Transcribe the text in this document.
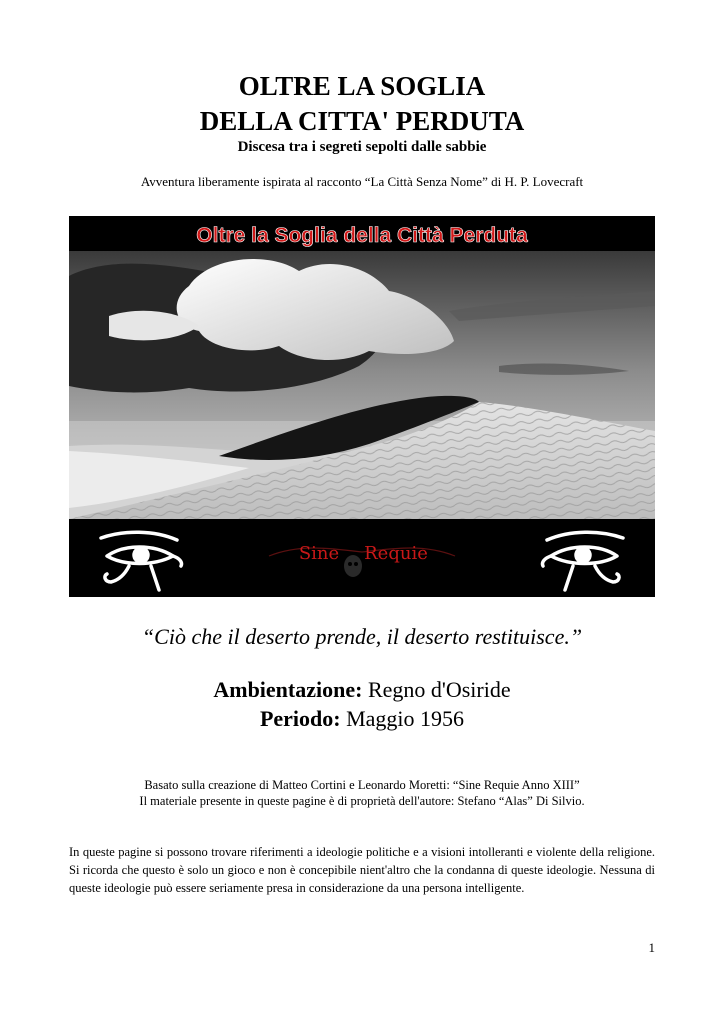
OLTRE LA SOGLIA
DELLA CITTA' PERDUTA
Discesa tra i segreti sepolti dalle sabbie
Avventura liberamente ispirata al racconto “La Città Senza Nome” di H. P. Lovecraft
Oltre la Soglia della Città Perduta
Sine Requie
“Ciò che il deserto prende, il deserto restituisce.”
Ambientazione: Regno d'Osiride
Periodo: Maggio 1956
Basato sulla creazione di Matteo Cortini e Leonardo Moretti: “Sine Requie Anno XIII”
Il materiale presente in queste pagine è di proprietà dell'autore: Stefano “Alas” Di Silvio.
In queste pagine si possono trovare riferimenti a ideologie politiche e a visioni intolleranti e violente della religione. Si ricorda che questo è solo un gioco e non è concepibile nient'altro che la condanna di queste ideologie. Nessuna di queste ideologie può essere seriamente presa in considerazione da una persona intelligente.
1
